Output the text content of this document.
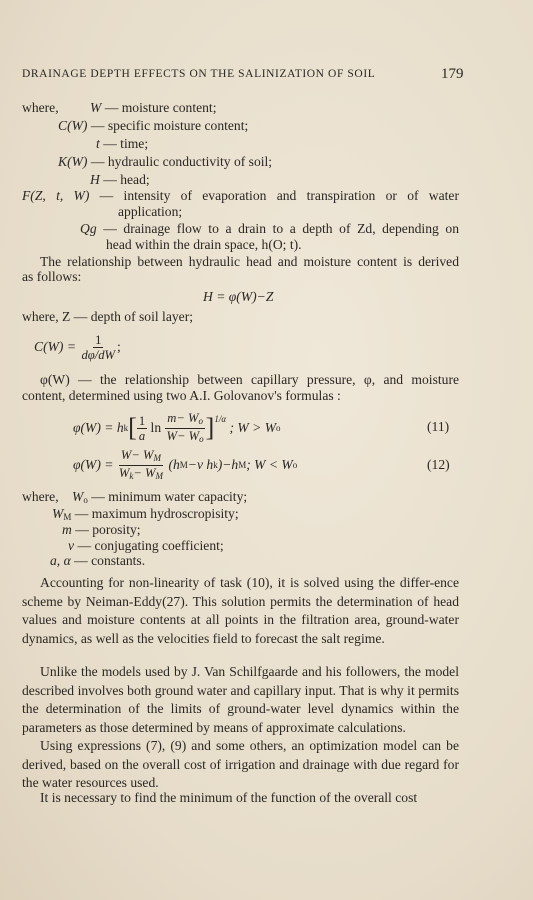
DRAINAGE DEPTH EFFECTS ON THE SALINIZATION OF SOIL	179
where, W — moisture content;
C(W) — specific moisture content;
t — time;
K(W) — hydraulic conductivity of soil;
H — head;
F(Z, t, W) — intensity of evaporation and transpiration or of water
application;
Qg — drainage flow to a drain to a depth of Zd, depending on
head within the drain space, h(O; t).
The relationship between hydraulic head and moisture content is derived
as follows:
H = φ(W)−Z
where, Z — depth of soil layer;
C(W) =
$\frac{1}{d\varphi/dW}$ ;
φ(W) — the relationship between capillary pressure, φ, and moisture
content, determined using two A.I. Golovanov's formulas :
φ(W) = h k [ $\frac{1}{a}$
ln
$\frac{m- W_o}{W- W_o} ]^{1/\alpha}$

; W > W o	(11)
φ(W) =
$\frac{W- W_M}{W_k- W_M}$
(h M −v h k )−h M ; W < W o	(12)
where, $W_o$ — minimum water capacity;
$W_M$ — maximum hydroscropisity;
m — porosity;
v — conjugating coefficient;
a, α — constants.
Accounting for non-linearity of task (10), it is solved using the differ-ence scheme by Neiman-Eddy(27). This solution permits the determination of head values and moisture contents at all points in the filtration area, ground-water dynamics, as well as the velocities field to forecast the salt regime.
Unlike the models used by J. Van Schilfgaarde and his followers, the model described involves both ground water and capillary input. That is why it permits the determination of the limits of ground-water level dynamics within the parameters as those determined by means of approximate calculations.
Using expressions (7), (9) and some others, an optimization model can be derived, based on the overall cost of irrigation and drainage with due regard for the water resources used.
It is necessary to find the minimum of the function of the overall cost
